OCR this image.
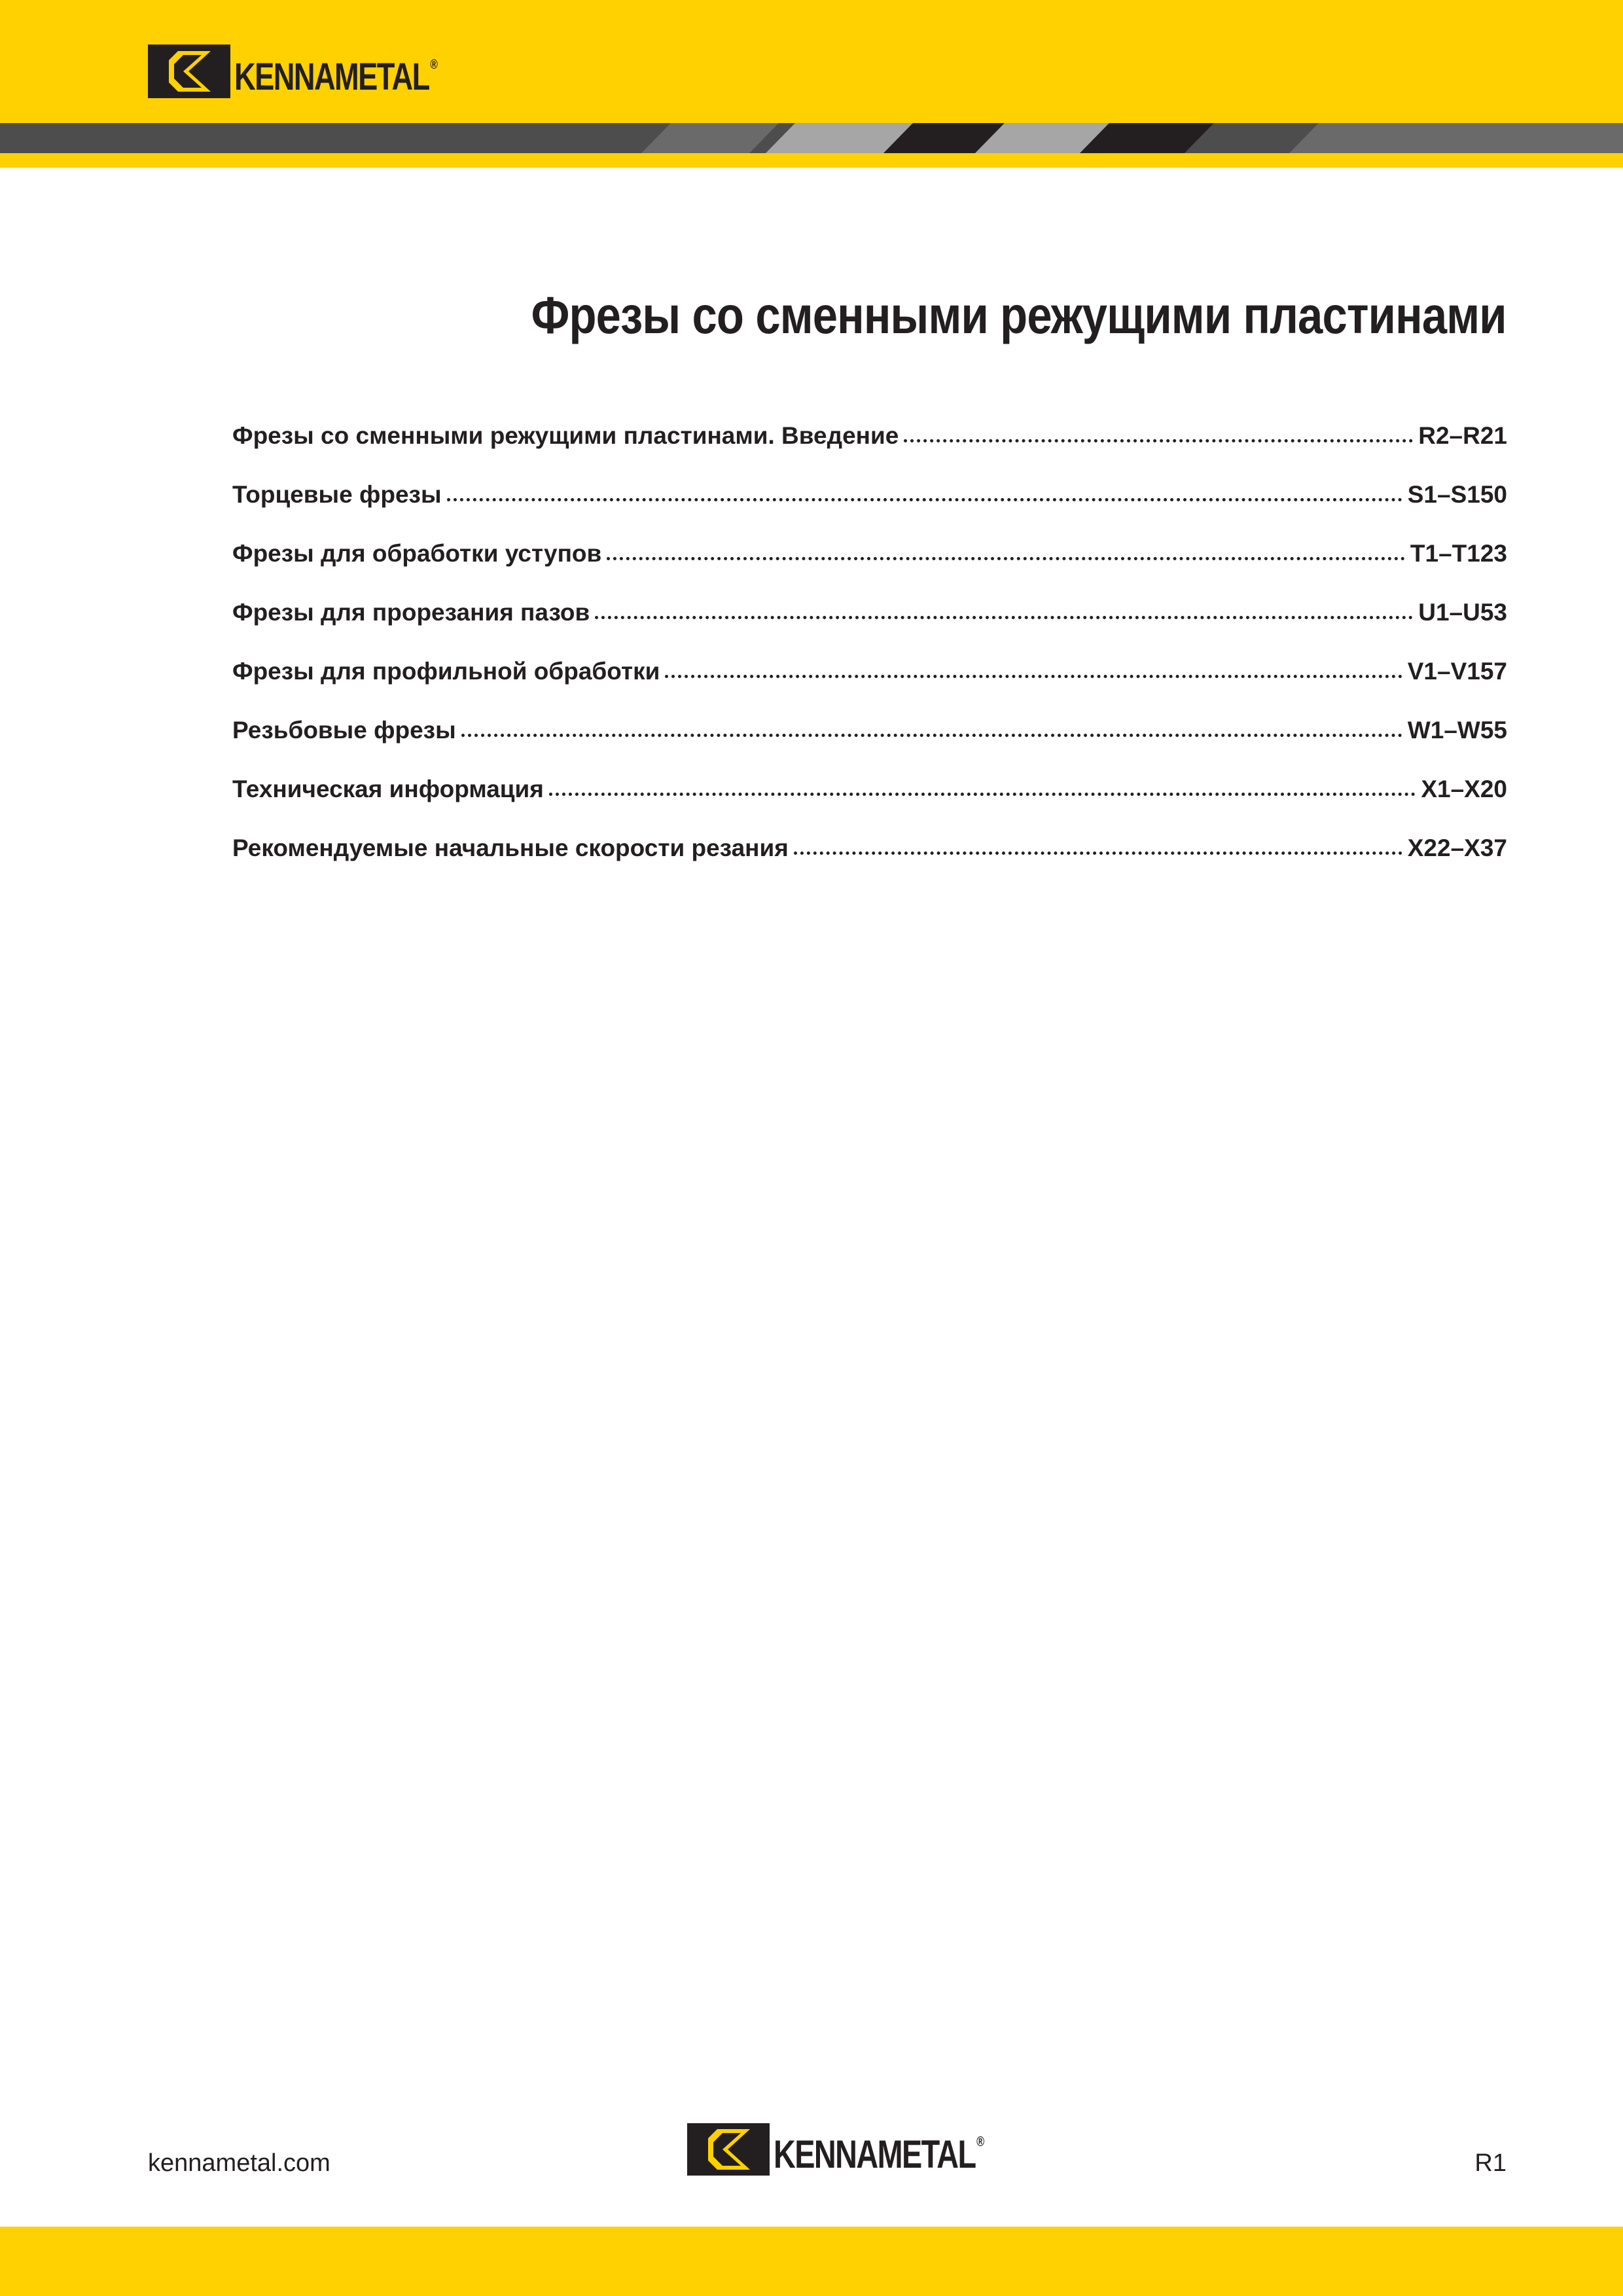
KENNAMETAL®
Фрезы со сменными режущими пластинами
Фрезы со сменными режущими пластинами. Введение	R2–R21
Торцевые фрезы	S1–S150
Фрезы для обработки уступов	T1–T123
Фрезы для прорезания пазов	U1–U53
Фрезы для профильной обработки	V1–V157
Резьбовые фрезы	W1–W55
Техническая информация	X1–X20
Рекомендуемые начальные скорости резания	X22–X37
kennametal.com	KENNAMETAL®
R1
